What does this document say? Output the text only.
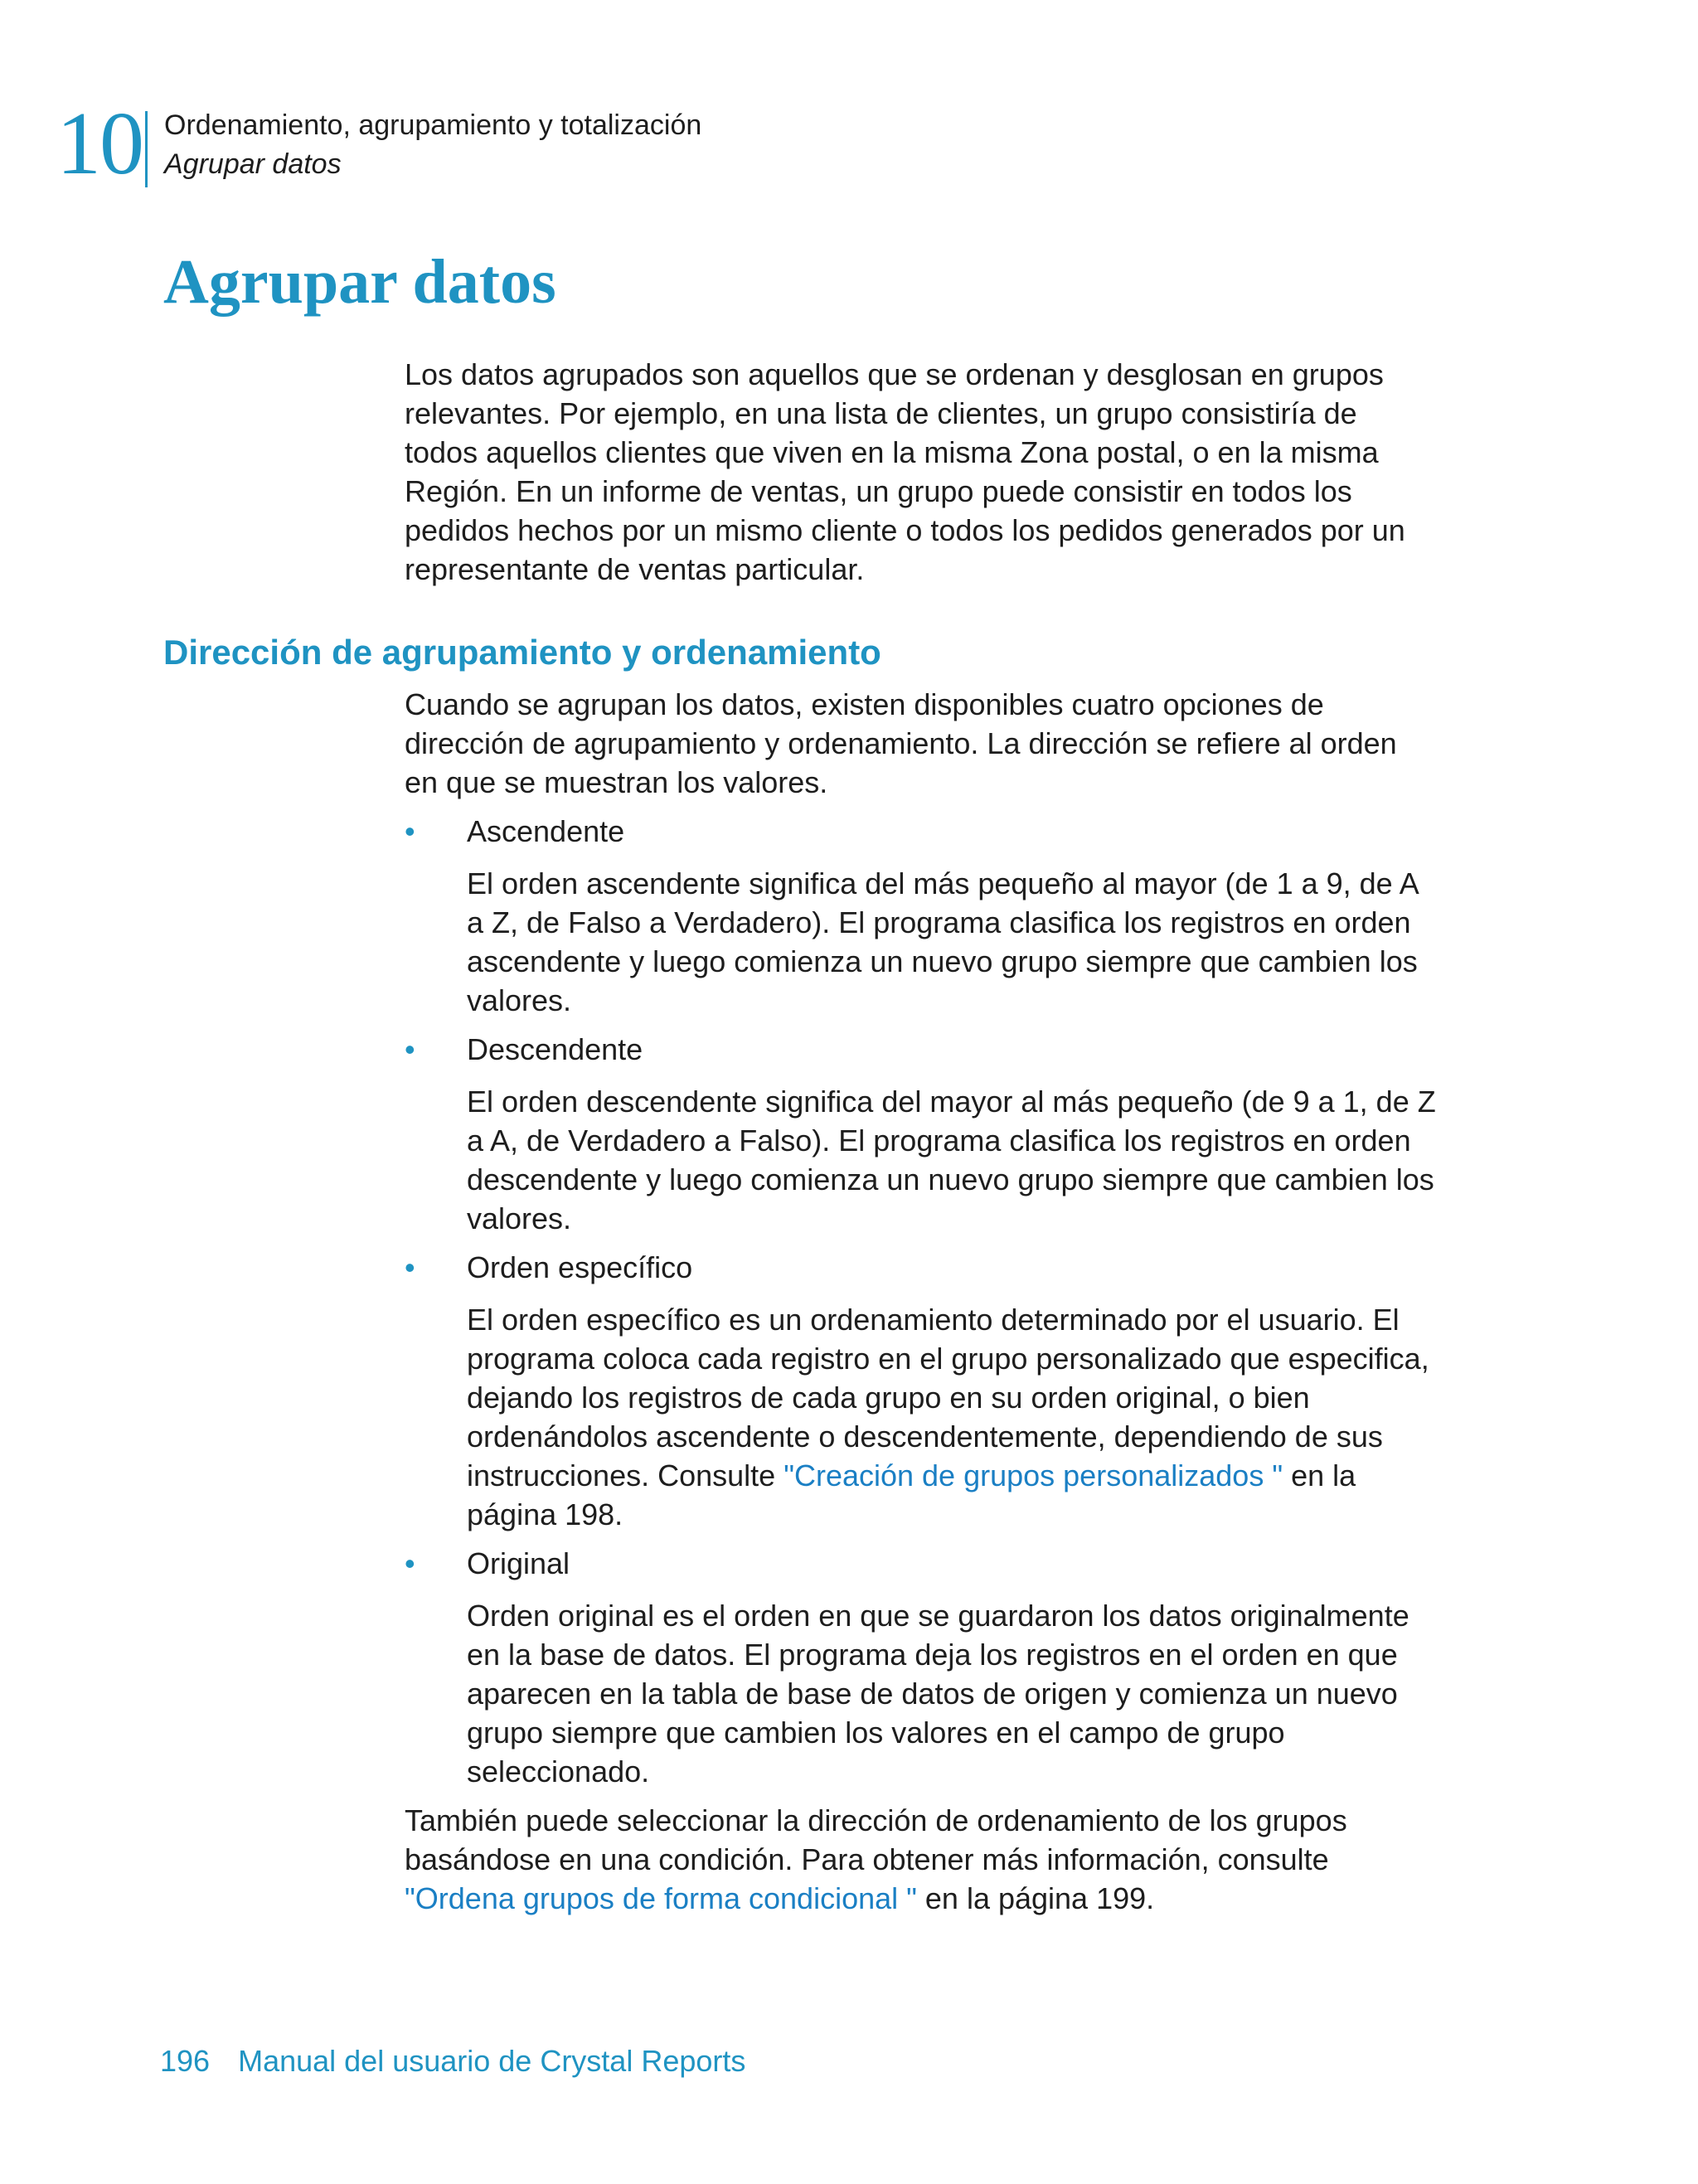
10 Ordenamiento, agrupamiento y totalización
Agrupar datos
Agrupar datos

Los datos agrupados son aquellos que se ordenan y desglosan en grupos

relevantes. Por ejemplo, en una lista de clientes, un grupo consistiría de

todos aquellos clientes que viven en la misma Zona postal, o en la misma

Región. En un informe de ventas, un grupo puede consistir en todos los

pedidos hechos por un mismo cliente o todos los pedidos generados por un

representante de ventas particular.

Dirección de agrupamiento y ordenamiento

Cuando se agrupan los datos, existen disponibles cuatro opciones de

dirección de agrupamiento y ordenamiento. La dirección se refiere al orden

en que se muestran los valores.

• Ascendente

El orden ascendente significa del más pequeño al mayor (de 1 a 9, de A
a Z, de Falso a Verdadero). El programa clasifica los registros en orden
ascendente y luego comienza un nuevo grupo siempre que cambien los
valores.
• Descendente

El orden descendente significa del mayor al más pequeño (de 9 a 1, de Z
a A, de Verdadero a Falso). El programa clasifica los registros en orden
descendente y luego comienza un nuevo grupo siempre que cambien los
valores.
• Orden específico

El orden específico es un ordenamiento determinado por el usuario. El
programa coloca cada registro en el grupo personalizado que especifica,
dejando los registros de cada grupo en su orden original, o bien
ordenándolos ascendente o descendentemente, dependiendo de sus
instrucciones. Consulte "Creación de grupos personalizados " en la
página 198.
• Original

Orden original es el orden en que se guardaron los datos originalmente
en la base de datos. El programa deja los registros en el orden en que
aparecen en la tabla de base de datos de origen y comienza un nuevo
grupo siempre que cambien los valores en el campo de grupo
seleccionado.

También puede seleccionar la dirección de ordenamiento de los grupos

basándose en una condición. Para obtener más información, consulte

"Ordena grupos de forma condicional " en la página 199.

196 Manual del usuario de Crystal Reports
